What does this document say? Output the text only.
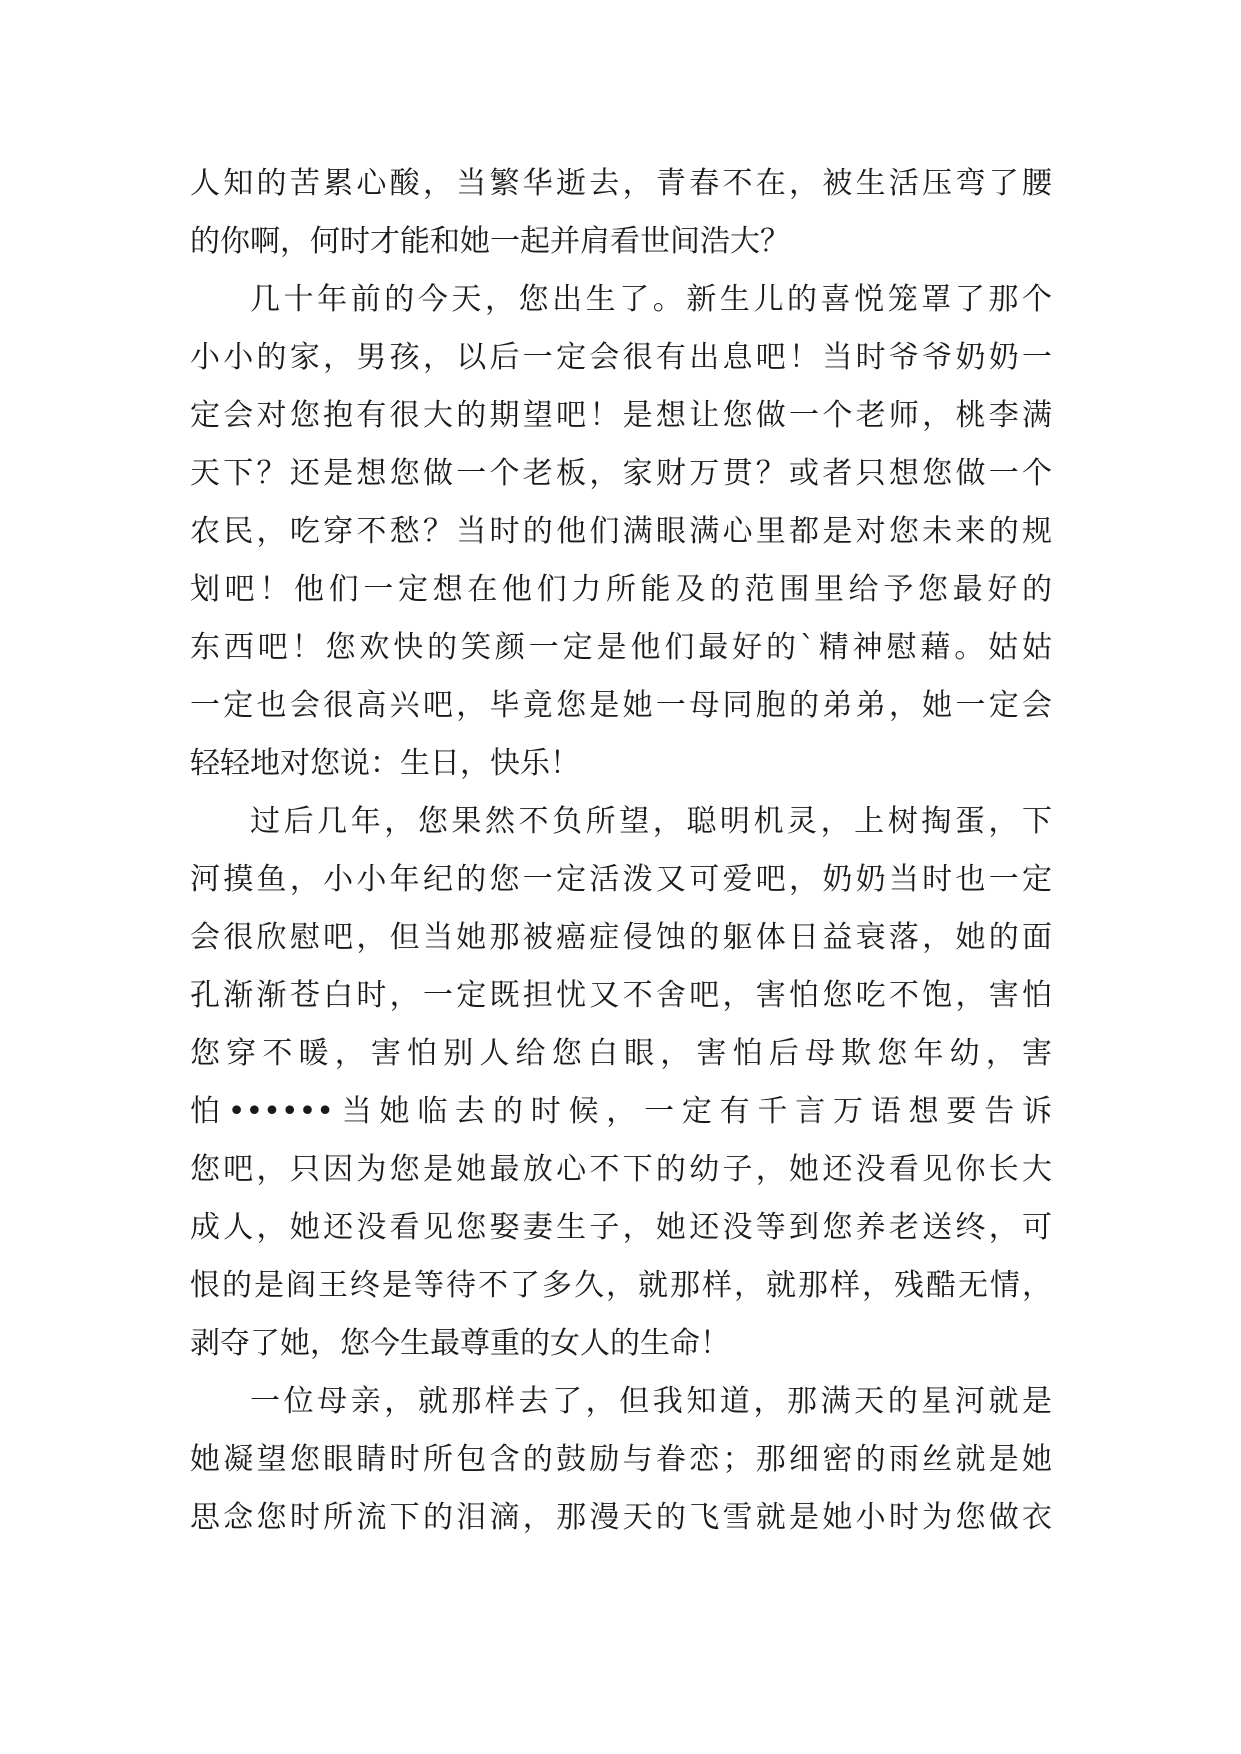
人知的苦累心酸，当繁华逝去，青春不在，被生活压弯了腰
的你啊，何时才能和她一起并肩看世间浩大？
几十年前的今天，您出生了。新生儿的喜悦笼罩了那个
小小的家，男孩，以后一定会很有出息吧！当时爷爷奶奶一
定会对您抱有很大的期望吧！是想让您做一个老师，桃李满
天下？还是想您做一个老板，家财万贯？或者只想您做一个
农民，吃穿不愁？当时的他们满眼满心里都是对您未来的规
划吧！他们一定想在他们力所能及的范围里给予您最好的
东西吧！您欢快的笑颜一定是他们最好的`精神慰藉。姑姑
一定也会很高兴吧，毕竟您是她一母同胞的弟弟，她一定会
轻轻地对您说：生日，快乐！
过后几年，您果然不负所望，聪明机灵，上树掏蛋，下
河摸鱼，小小年纪的您一定活泼又可爱吧，奶奶当时也一定
会很欣慰吧，但当她那被癌症侵蚀的躯体日益衰落，她的面
孔渐渐苍白时，一定既担忧又不舍吧，害怕您吃不饱，害怕
您穿不暖，害怕别人给您白眼，害怕后母欺您年幼，害
怕••••••当她临去的时候，一定有千言万语想要告诉
您吧，只因为您是她最放心不下的幼子，她还没看见你长大
成人，她还没看见您娶妻生子，她还没等到您养老送终，可
恨的是阎王终是等待不了多久，就那样，就那样，残酷无情，
剥夺了她，您今生最尊重的女人的生命！
一位母亲，就那样去了，但我知道，那满天的星河就是
她凝望您眼睛时所包含的鼓励与眷恋；那细密的雨丝就是她
思念您时所流下的泪滴，那漫天的飞雪就是她小时为您做衣
